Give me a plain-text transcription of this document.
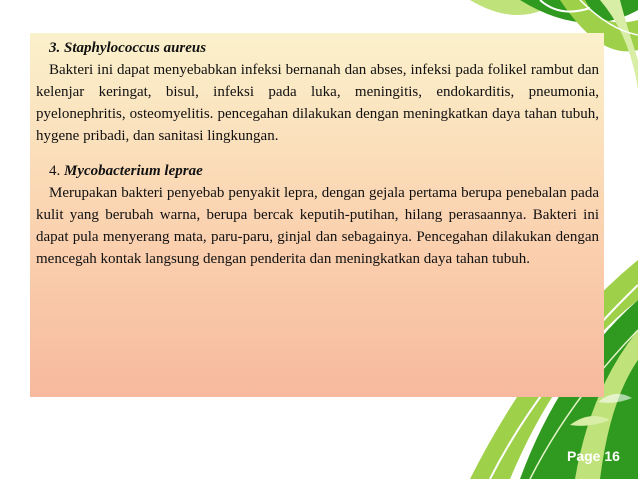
3. Staphylococcus aureus

Bakteri ini dapat menyebabkan infeksi bernanah dan abses, infeksi pada folikel rambut dan kelenjar keringat, bisul, infeksi pada luka, meningitis, endokarditis, pneumonia, pyelonephritis, osteomyelitis. pencegahan dilakukan dengan meningkatkan daya tahan tubuh, hygene pribadi, dan sanitasi lingkungan.

4. Mycobacterium leprae

Merupakan bakteri penyebab penyakit lepra, dengan gejala pertama berupa penebalan pada kulit yang berubah warna, berupa bercak keputih-putihan, hilang perasaannya. Bakteri ini dapat pula menyerang mata, paru-paru, ginjal dan sebagainya. Pencegahan dilakukan dengan mencegah kontak langsung dengan penderita dan meningkatkan daya tahan tubuh.

Page 16
